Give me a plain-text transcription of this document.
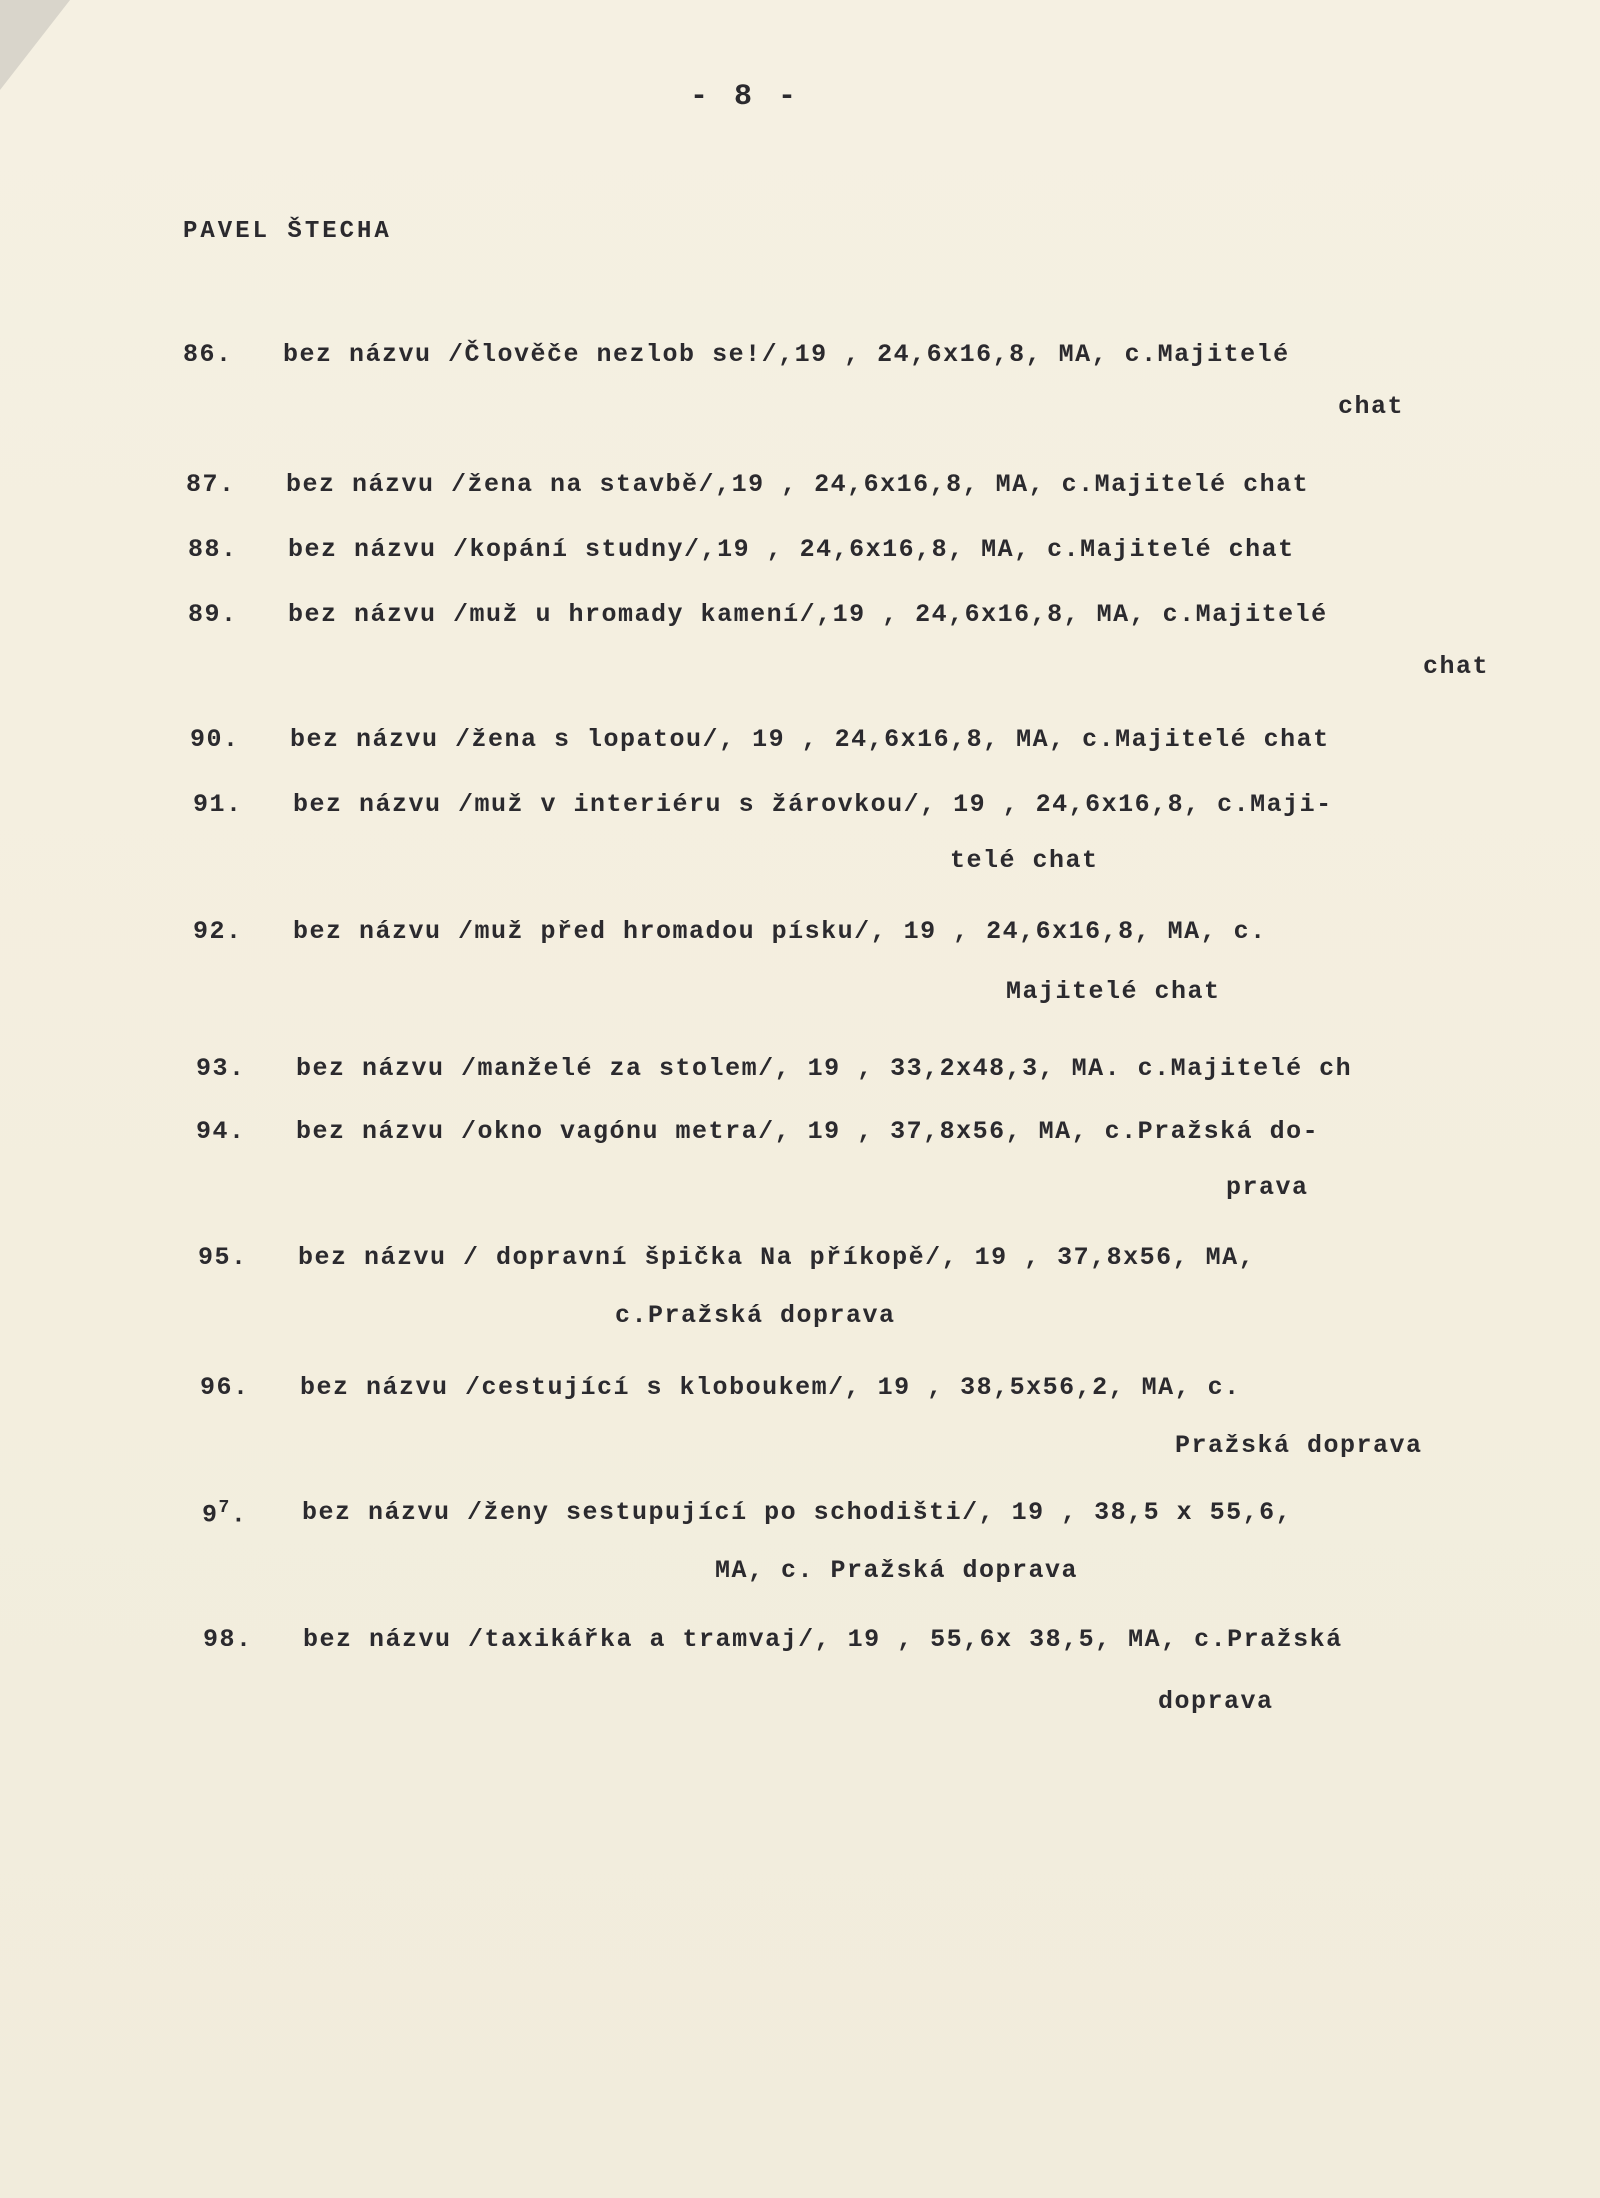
- 8 -
PAVEL ŠTECHA
86. bez názvu /Člověče nezlob se!/,19 , 24,6x16,8, MA, c.Majitelé
chat
87. bez názvu /žena na stavbě/,19 , 24,6x16,8, MA, c.Majitelé chat
88. bez názvu /kopání studny/,19 , 24,6x16,8, MA, c.Majitelé chat
89. bez názvu /muž u hromady kamení/,19 , 24,6x16,8, MA, c.Majitelé
chat
90. bez názvu /žena s lopatou/, 19 , 24,6x16,8, MA, c.Majitelé chat
91. bez názvu /muž v interiéru s žárovkou/, 19 , 24,6x16,8, c.Maji-
telé chat
92. bez názvu /muž před hromadou písku/, 19 , 24,6x16,8, MA, c.
Majitelé chat
93. bez názvu /manželé za stolem/, 19 , 33,2x48,3, MA. c.Majitelé ch
94. bez názvu /okno vagónu metra/, 19 , 37,8x56, MA, c.Pražská do-
prava
95. bez názvu / dopravní špička Na příkopě/, 19 , 37,8x56, MA,
c.Pražská doprava
96. bez názvu /cestující s kloboukem/, 19 , 38,5x56,2, MA, c.
Pražská doprava
$9^7$. bez názvu /ženy sestupující po schodišti/, 19 , 38,5 x 55,6,
MA, c. Pražská doprava
98. bez názvu /taxikářka a tramvaj/, 19 , 55,6x 38,5, MA, c.Pražská
doprava
